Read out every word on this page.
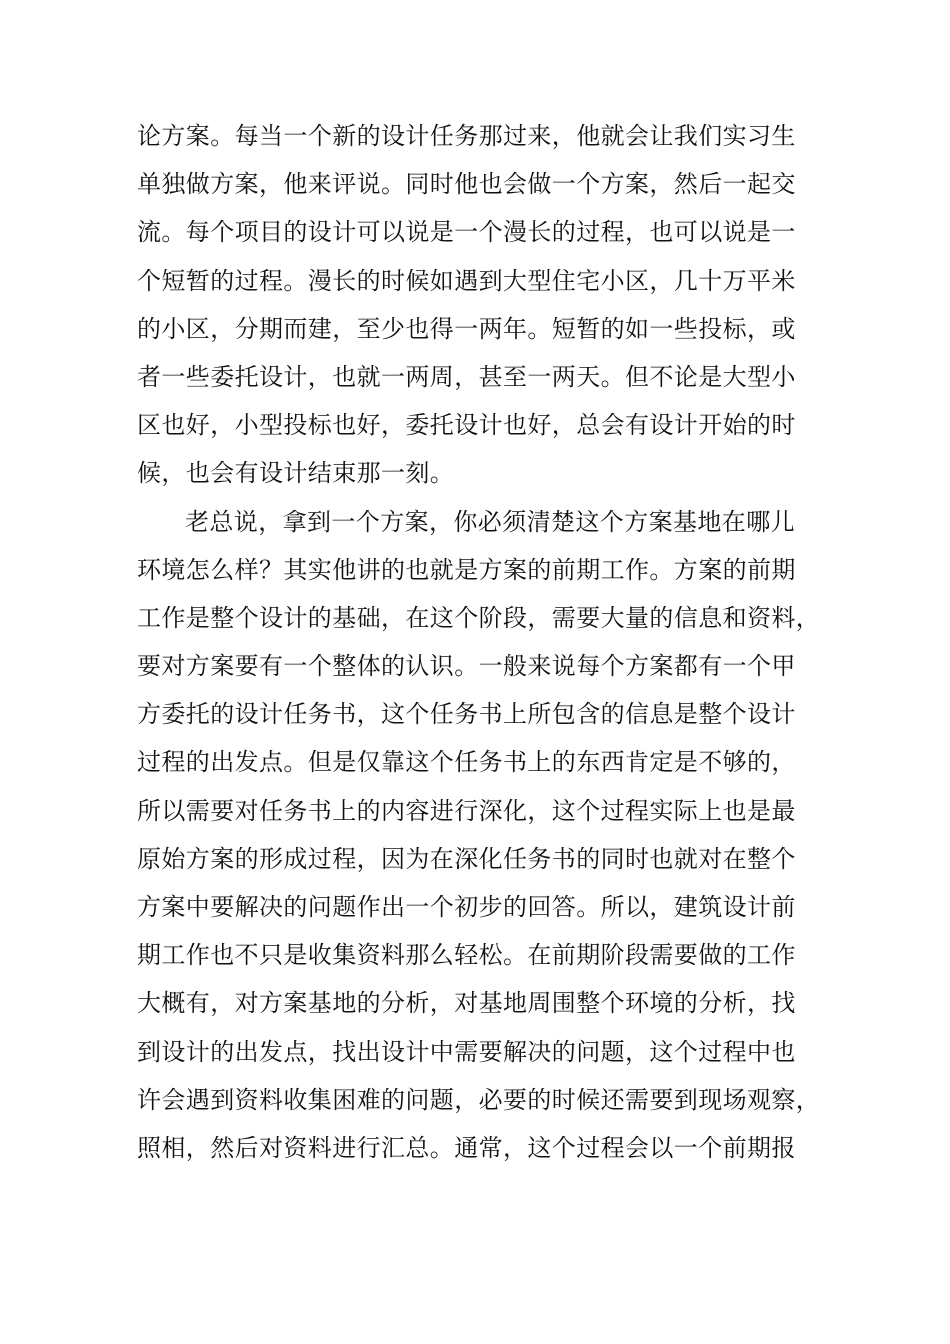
论方案。每当一个新的设计任务那过来，他就会让我们实习生
单独做方案，他来评说。同时他也会做一个方案，然后一起交
流。每个项目的设计可以说是一个漫长的过程，也可以说是一
个短暂的过程。漫长的时候如遇到大型住宅小区，几十万平米
的小区，分期而建，至少也得一两年。短暂的如一些投标，或
者一些委托设计，也就一两周，甚至一两天。但不论是大型小
区也好，小型投标也好，委托设计也好，总会有设计开始的时
候，也会有设计结束那一刻。
老总说，拿到一个方案，你必须清楚这个方案基地在哪儿
环境怎么样？其实他讲的也就是方案的前期工作。方案的前期
工作是整个设计的基础，在这个阶段，需要大量的信息和资料，
要对方案要有一个整体的认识。一般来说每个方案都有一个甲
方委托的设计任务书，这个任务书上所包含的信息是整个设计
过程的出发点。但是仅靠这个任务书上的东西肯定是不够的，
所以需要对任务书上的内容进行深化，这个过程实际上也是最
原始方案的形成过程，因为在深化任务书的同时也就对在整个
方案中要解决的问题作出一个初步的回答。所以，建筑设计前
期工作也不只是收集资料那么轻松。在前期阶段需要做的工作
大概有，对方案基地的分析，对基地周围整个环境的分析，找
到设计的出发点，找出设计中需要解决的问题，这个过程中也
许会遇到资料收集困难的问题，必要的时候还需要到现场观察，
照相，然后对资料进行汇总。通常，这个过程会以一个前期报
